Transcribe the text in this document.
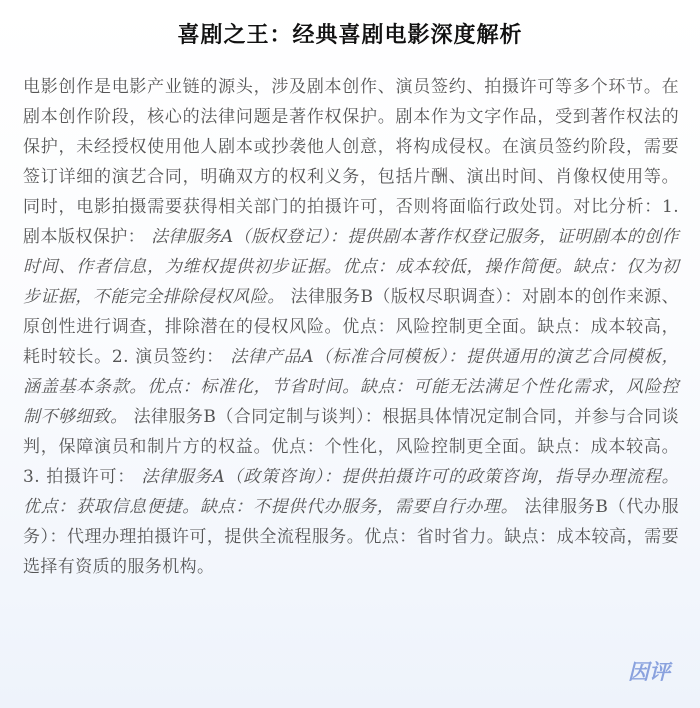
喜剧之王：经典喜剧电影深度解析

电影创作是电影产业链的源头，涉及剧本创作、演员签约、拍摄许可等多个环节。在剧本创作阶段，核心的法律问题是著作权保护。剧本作为文字作品，受到著作权法的保护，未经授权使用他人剧本或抄袭他人创意，将构成侵权。在演员签约阶段，需要签订详细的演艺合同，明确双方的权利义务，包括片酬、演出时间、肖像权使用等。同时，电影拍摄需要获得相关部门的拍摄许可，否则将面临行政处罚。对比分析：1. 剧本版权保护： 法律服务A（版权登记）：提供剧本著作权登记服务，证明剧本的创作时间、作者信息，为维权提供初步证据。优点：成本较低，操作简便。缺点：仅为初步证据，不能完全排除侵权风险。 法律服务B（版权尽职调查）：对剧本的创作来源、原创性进行调查，排除潜在的侵权风险。优点：风险控制更全面。缺点：成本较高，耗时较长。2. 演员签约： 法律产品A（标准合同模板）：提供通用的演艺合同模板，涵盖基本条款。优点：标准化，节省时间。缺点：可能无法满足个性化需求，风险控制不够细致。 法律服务B（合同定制与谈判）：根据具体情况定制合同，并参与合同谈判，保障演员和制片方的权益。优点：个性化，风险控制更全面。缺点：成本较高。3. 拍摄许可： 法律服务A（政策咨询）：提供拍摄许可的政策咨询，指导办理流程。优点：获取信息便捷。缺点：不提供代办服务，需要自行办理。 法律服务B（代办服务）：代理办理拍摄许可，提供全流程服务。优点：省时省力。缺点：成本较高，需要选择有资质的服务机构。

因评
